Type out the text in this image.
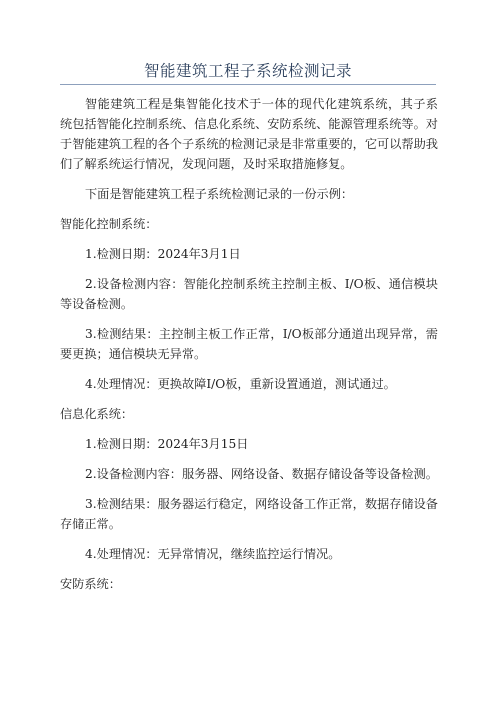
智能建筑工程子系统检测记录

智能建筑工程是集智能化技术于一体的现代化建筑系统，其子系统包括智能化控制系统、信息化系统、安防系统、能源管理系统等。对于智能建筑工程的各个子系统的检测记录是非常重要的，它可以帮助我们了解系统运行情况，发现问题，及时采取措施修复。

下面是智能建筑工程子系统检测记录的一份示例：

智能化控制系统：

1.检测日期：2024年3月1日

2.设备检测内容：智能化控制系统主控制主板、I/O板、通信模块等设备检测。

3.检测结果：主控制主板工作正常，I/O板部分通道出现异常，需要更换；通信模块无异常。

4.处理情况：更换故障I/O板，重新设置通道，测试通过。

信息化系统：

1.检测日期：2024年3月15日

2.设备检测内容：服务器、网络设备、数据存储设备等设备检测。

3.检测结果：服务器运行稳定，网络设备工作正常，数据存储设备存储正常。

4.处理情况：无异常情况，继续监控运行情况。

安防系统：
